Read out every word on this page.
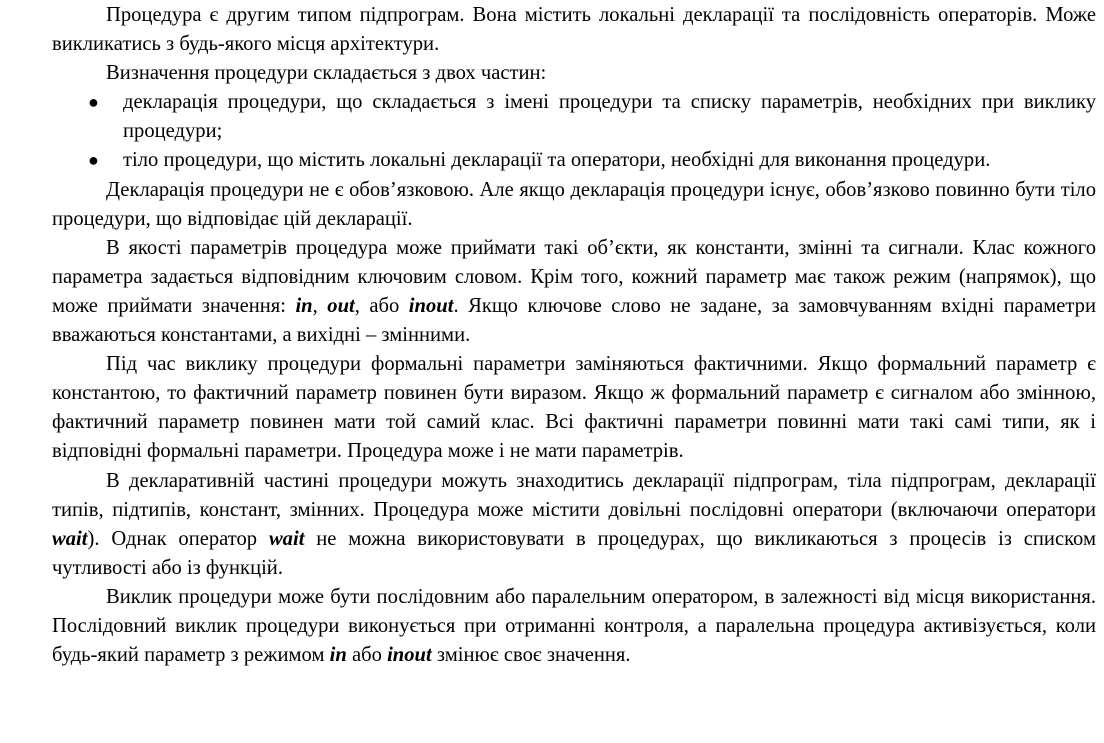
Процедура є другим типом підпрограм. Вона містить локальні декларації та послідовність операторів. Може викликатись з будь-якого місця архітектури.

Визначення процедури складається з двох частин:

● декларація процедури, що складається з імені процедури та списку параметрів, необхідних при виклику процедури;
● тіло процедури, що містить локальні декларації та оператори, необхідні для виконання процедури.

Декларація процедури не є обов’язковою. Але якщо декларація процедури існує, обов’язково повинно бути тіло процедури, що відповідає цій декларації.

В якості параметрів процедура може приймати такі об’єкти, як константи, змінні та сигнали. Клас кожного параметра задається відповідним ключовим словом. Крім того, кожний параметр має також режим (напрямок), що може приймати значення: in, out, або inout. Якщо ключове слово не задане, за замовчуванням вхідні параметри вважаються константами, а вихідні – змінними.

Під час виклику процедури формальні параметри заміняються фактичними. Якщо формальний параметр є константою, то фактичний параметр повинен бути виразом. Якщо ж формальний параметр є сигналом або змінною, фактичний параметр повинен мати той самий клас. Всі фактичні параметри повинні мати такі самі типи, як і відповідні формальні параметри. Процедура може і не мати параметрів.

В декларативній частині процедури можуть знаходитись декларації підпрограм, тіла підпрограм, декларації типів, підтипів, констант, змінних. Процедура може містити довільні послідовні оператори (включаючи оператори wait). Однак оператор wait не можна використовувати в процедурах, що викликаються з процесів із списком чутливості або із функцій.

Виклик процедури може бути послідовним або паралельним оператором, в залежності від місця використання. Послідовний виклик процедури виконується при отриманні контроля, а паралельна процедура активізується, коли будь-який параметр з режимом in або inout змінює своє значення.
